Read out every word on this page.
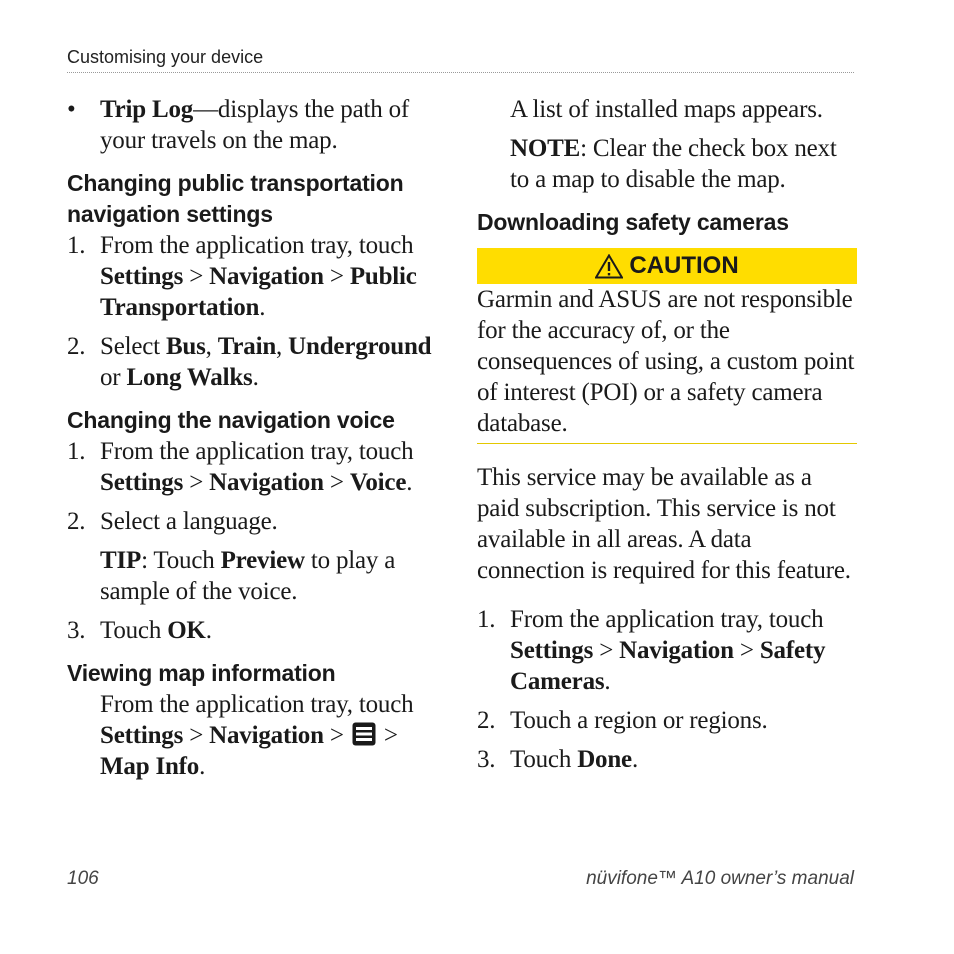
Customising your device
• Trip Log—displays the path of your travels on the map.
Changing public transportation navigation settings
1. From the application tray, touch Settings > Navigation > Public Transportation.
2. Select Bus, Train, Underground or Long Walks.
Changing the navigation voice
1. From the application tray, touch Settings > Navigation > Voice.
2. Select a language.
TIP: Touch Preview to play a sample of the voice.
3. Touch OK.
Viewing map information
From the application tray, touch Settings > Navigation >  > Map Info.
A list of installed maps appears.
NOTE: Clear the check box next to a map to disable the map.
Downloading safety cameras
CAUTION
Garmin and ASUS are not responsible for the accuracy of, or the consequences of using, a custom point of interest (POI) or a safety camera database.
This service may be available as a paid subscription. This service is not available in all areas. A data connection is required for this feature.
1. From the application tray, touch Settings > Navigation > Safety Cameras.
2. Touch a region or regions.
3. Touch Done.
106	nüvifone™ A10 owner’s manual
